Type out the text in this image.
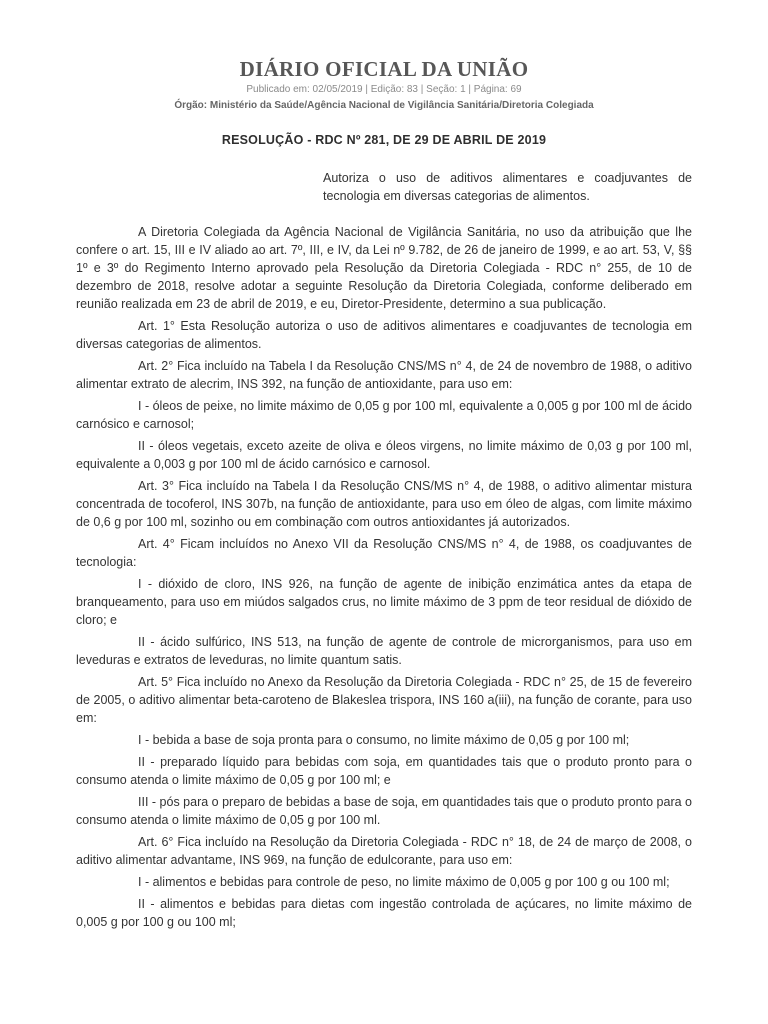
DIÁRIO OFICIAL DA UNIÃO
Publicado em: 02/05/2019 | Edição: 83 | Seção: 1 | Página: 69
Órgão: Ministério da Saúde/Agência Nacional de Vigilância Sanitária/Diretoria Colegiada
RESOLUÇÃO - RDC Nº 281, DE 29 DE ABRIL DE 2019
Autoriza o uso de aditivos alimentares e coadjuvantes de tecnologia em diversas categorias de alimentos.

A Diretoria Colegiada da Agência Nacional de Vigilância Sanitária, no uso da atribuição que lhe confere o art. 15, III e IV aliado ao art. 7º, III, e IV, da Lei nº 9.782, de 26 de janeiro de 1999, e ao art. 53, V, §§ 1º e 3º do Regimento Interno aprovado pela Resolução da Diretoria Colegiada - RDC n° 255, de 10 de dezembro de 2018, resolve adotar a seguinte Resolução da Diretoria Colegiada, conforme deliberado em reunião realizada em 23 de abril de 2019, e eu, Diretor-Presidente, determino a sua publicação.

Art. 1° Esta Resolução autoriza o uso de aditivos alimentares e coadjuvantes de tecnologia em diversas categorias de alimentos.

Art. 2° Fica incluído na Tabela I da Resolução CNS/MS n° 4, de 24 de novembro de 1988, o aditivo alimentar extrato de alecrim, INS 392, na função de antioxidante, para uso em:

I - óleos de peixe, no limite máximo de 0,05 g por 100 ml, equivalente a 0,005 g por 100 ml de ácido carnósico e carnosol;

II - óleos vegetais, exceto azeite de oliva e óleos virgens, no limite máximo de 0,03 g por 100 ml, equivalente a 0,003 g por 100 ml de ácido carnósico e carnosol.

Art. 3° Fica incluído na Tabela I da Resolução CNS/MS n° 4, de 1988, o aditivo alimentar mistura concentrada de tocoferol, INS 307b, na função de antioxidante, para uso em óleo de algas, com limite máximo de 0,6 g por 100 ml, sozinho ou em combinação com outros antioxidantes já autorizados.

Art. 4° Ficam incluídos no Anexo VII da Resolução CNS/MS n° 4, de 1988, os coadjuvantes de tecnologia:

I - dióxido de cloro, INS 926, na função de agente de inibição enzimática antes da etapa de branqueamento, para uso em miúdos salgados crus, no limite máximo de 3 ppm de teor residual de dióxido de cloro; e

II - ácido sulfúrico, INS 513, na função de agente de controle de microrganismos, para uso em leveduras e extratos de leveduras, no limite quantum satis.

Art. 5° Fica incluído no Anexo da Resolução da Diretoria Colegiada - RDC n° 25, de 15 de fevereiro de 2005, o aditivo alimentar beta-caroteno de Blakeslea trispora, INS 160 a(iii), na função de corante, para uso em:

I - bebida a base de soja pronta para o consumo, no limite máximo de 0,05 g por 100 ml;

II - preparado líquido para bebidas com soja, em quantidades tais que o produto pronto para o consumo atenda o limite máximo de 0,05 g por 100 ml; e

III - pós para o preparo de bebidas a base de soja, em quantidades tais que o produto pronto para o consumo atenda o limite máximo de 0,05 g por 100 ml.

Art. 6° Fica incluído na Resolução da Diretoria Colegiada - RDC n° 18, de 24 de março de 2008, o aditivo alimentar advantame, INS 969, na função de edulcorante, para uso em:

I - alimentos e bebidas para controle de peso, no limite máximo de 0,005 g por 100 g ou 100 ml;

II - alimentos e bebidas para dietas com ingestão controlada de açúcares, no limite máximo de 0,005 g por 100 g ou 100 ml;
